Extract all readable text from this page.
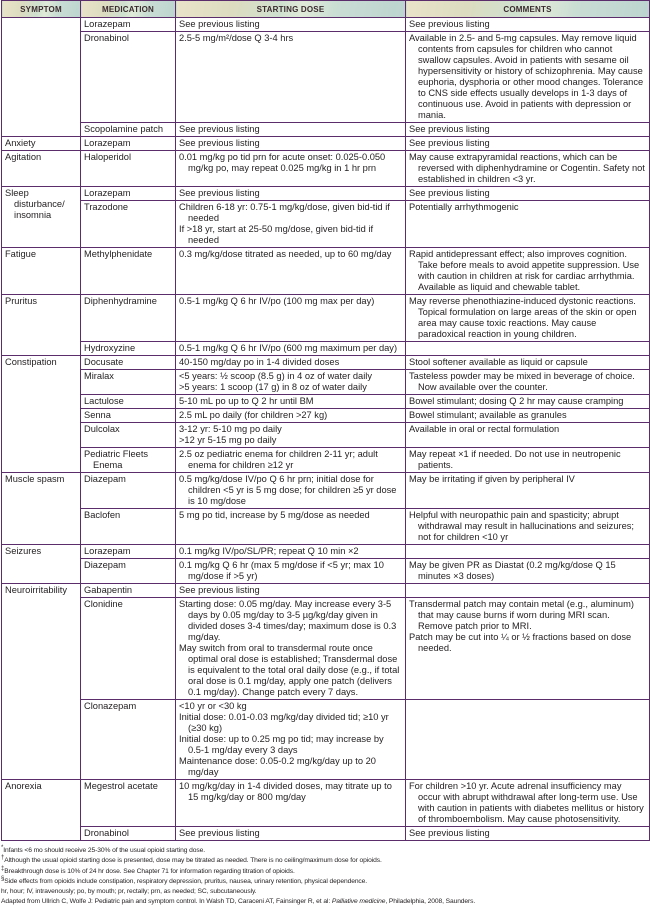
SYMPTOM	MEDICATION	STARTING DOSE	COMMENTS

	Lorazepam	See previous listing	See previous listing

	Dronabinol	2.5-5 mg/m²/dose Q 3-4 hrs	Available in 2.5- and 5-mg capsules. May remove liquid contents from capsules for children who cannot swallow capsules. Avoid in patients with sesame oil hypersensitivity or history of schizophrenia. May cause euphoria, dysphoria or other mood changes. Tolerance to CNS side effects usually develops in 1-3 days of continuous use. Avoid in patients with depression or mania.

	Scopolamine patch	See previous listing	See previous listing

Anxiety	Lorazepam	See previous listing	See previous listing

Agitation	Haloperidol	0.01 mg/kg po tid prn for acute onset: 0.025-0.050 mg/kg po, may repeat 0.025 mg/kg in 1 hr prn	May cause extrapyramidal reactions, which can be reversed with diphenhydramine or Cogentin. Safety not established in children <3 yr.

Sleep disturbance/ insomnia	Lorazepam	See previous listing	See previous listing

	Trazodone	Children 6-18 yr: 0.75-1 mg/kg/dose, given bid-tid if needed
If >18 yr, start at 25-50 mg/dose, given bid-tid if needed	Potentially arrhythmogenic

Fatigue	Methylphenidate	0.3 mg/kg/dose titrated as needed, up to 60 mg/day	Rapid antidepressant effect; also improves cognition. Take before meals to avoid appetite suppression. Use with caution in children at risk for cardiac arrhythmia. Available as liquid and chewable tablet.

Pruritus	Diphenhydramine	0.5-1 mg/kg Q 6 hr IV/po (100 mg max per day)	May reverse phenothiazine-induced dystonic reactions. Topical formulation on large areas of the skin or open area may cause toxic reactions. May cause paradoxical reaction in young children.

	Hydroxyzine	0.5-1 mg/kg Q 6 hr IV/po (600 mg maximum per day)	

Constipation	Docusate	40-150 mg/day po in 1-4 divided doses	Stool softener available as liquid or capsule

	Miralax	<5 years: ½ scoop (8.5 g) in 4 oz of water daily
>5 years: 1 scoop (17 g) in 8 oz of water daily	Tasteless powder may be mixed in beverage of choice. Now available over the counter.

	Lactulose	5-10 mL po up to Q 2 hr until BM	Bowel stimulant; dosing Q 2 hr may cause cramping

	Senna	2.5 mL po daily (for children >27 kg)	Bowel stimulant; available as granules

	Dulcolax	3-12 yr: 5-10 mg po daily
>12 yr 5-15 mg po daily	Available in oral or rectal formulation

	Pediatric Fleets Enema	2.5 oz pediatric enema for children 2-11 yr; adult enema for children ≥12 yr	May repeat ×1 if needed. Do not use in neutropenic patients.

Muscle spasm	Diazepam	0.5 mg/kg/dose IV/po Q 6 hr prn; initial dose for children <5 yr is 5 mg dose; for children ≥5 yr dose is 10 mg/dose	May be irritating if given by peripheral IV

	Baclofen	5 mg po tid, increase by 5 mg/dose as needed	Helpful with neuropathic pain and spasticity; abrupt withdrawal may result in hallucinations and seizures; not for children <10 yr

Seizures	Lorazepam	0.1 mg/kg IV/po/SL/PR; repeat Q 10 min ×2	

	Diazepam	0.1 mg/kg Q 6 hr (max 5 mg/dose if <5 yr; max 10 mg/dose if >5 yr)	May be given PR as Diastat (0.2 mg/kg/dose Q 15 minutes ×3 doses)

Neuroirritability	Gabapentin	See previous listing	

	Clonidine	Starting dose: 0.05 mg/day. May increase every 3-5 days by 0.05 mg/day to 3-5 µg/kg/day given in divided doses 3-4 times/day; maximum dose is 0.3 mg/day.
May switch from oral to transdermal route once optimal oral dose is established; Transdermal dose is equivalent to the total oral daily dose (e.g., if total oral dose is 0.1 mg/day, apply one patch (delivers 0.1 mg/day). Change patch every 7 days.	Transdermal patch may contain metal (e.g., aluminum) that may cause burns if worn during MRI scan. Remove patch prior to MRI.
Patch may be cut into ¼ or ½ fractions based on dose needed.

	Clonazepam	<10 yr or <30 kg
Initial dose: 0.01-0.03 mg/kg/day divided tid; ≥10 yr (≥30 kg)
Initial dose: up to 0.25 mg po tid; may increase by 0.5-1 mg/day every 3 days
Maintenance dose: 0.05-0.2 mg/kg/day up to 20 mg/day	

Anorexia	Megestrol acetate	10 mg/kg/day in 1-4 divided doses, may titrate up to 15 mg/kg/day or 800 mg/day	For children >10 yr. Acute adrenal insufficiency may occur with abrupt withdrawal after long-term use. Use with caution in patients with diabetes mellitus or history of thromboembolism. May cause photosensitivity.

	Dronabinol	See previous listing	See previous listing
*Infants <6 mo should receive 25-30% of the usual opioid starting dose.
†Although the usual opioid starting dose is presented, dose may be titrated as needed. There is no ceiling/maximum dose for opioids.
‡Breakthrough dose is 10% of 24 hr dose. See Chapter 71 for information regarding titration of opioids.
§Side effects from opioids include constipation, respiratory depression, pruritus, nausea, urinary retention, physical dependence.
hr, hour; IV, intravenously; po, by mouth; pr, rectally; prn, as needed; SC, subcutaneously.
Adapted from Ullrich C, Wolfe J: Pediatric pain and symptom control. In Walsh TD, Caraceni AT, Fainsinger R, et al: Palliative medicine, Philadelphia, 2008, Saunders.
